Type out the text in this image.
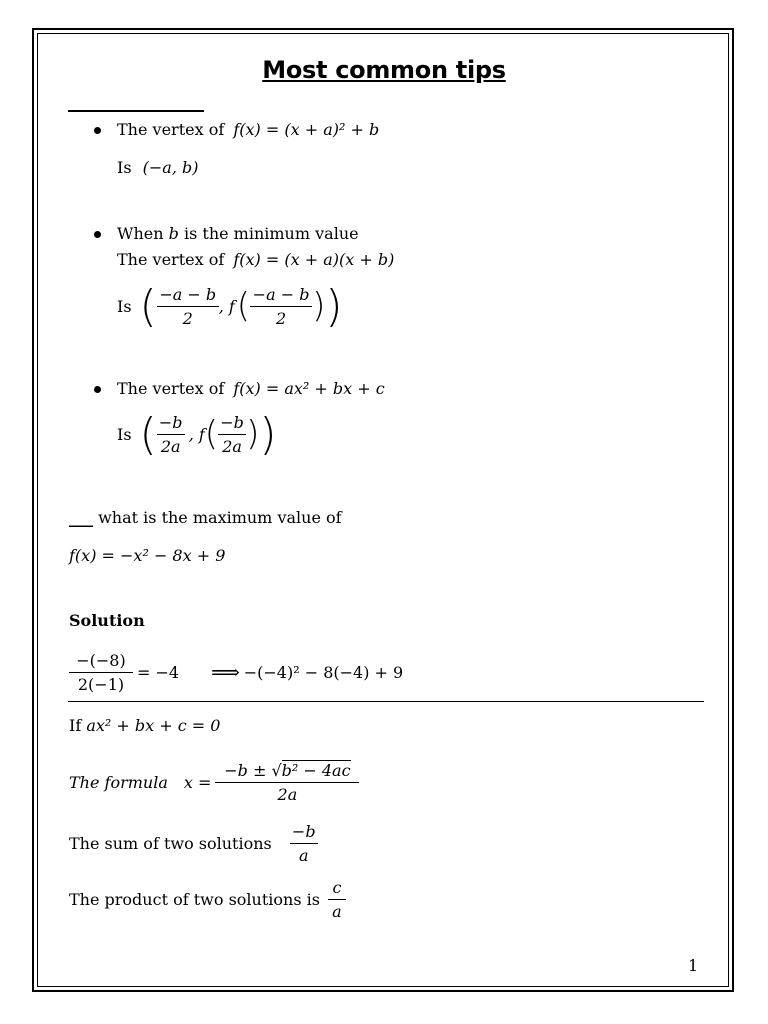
Most common tips
The vertex of f(x) = (x + a)² + b
Is (−a, b)
When b is the minimum value
The vertex of f(x) = (x + a)(x + b)
Is ( $\frac{-a - b}{2}$ , f ( $\frac{-a - b}{2}$ ) )
The vertex of f(x) = ax² + bx + c
Is ( $\frac{-b}{2a}$ , f ( $\frac{-b}{2a}$ ) )
___ what is the maximum value of
f(x) = −x² − 8x + 9
Solution
$\frac{-(-8)}{2(-1)} = -4$ ⟹ −(−4)² − 8(−4) + 9
If ax² + bx + c = 0
The formula $x = \frac{\text{−b ± √b² − 4ac}}{2a}$
The sum of two solutions $\frac{-b}{a}$
The product of two solutions is $\frac{c}{a}$
1
